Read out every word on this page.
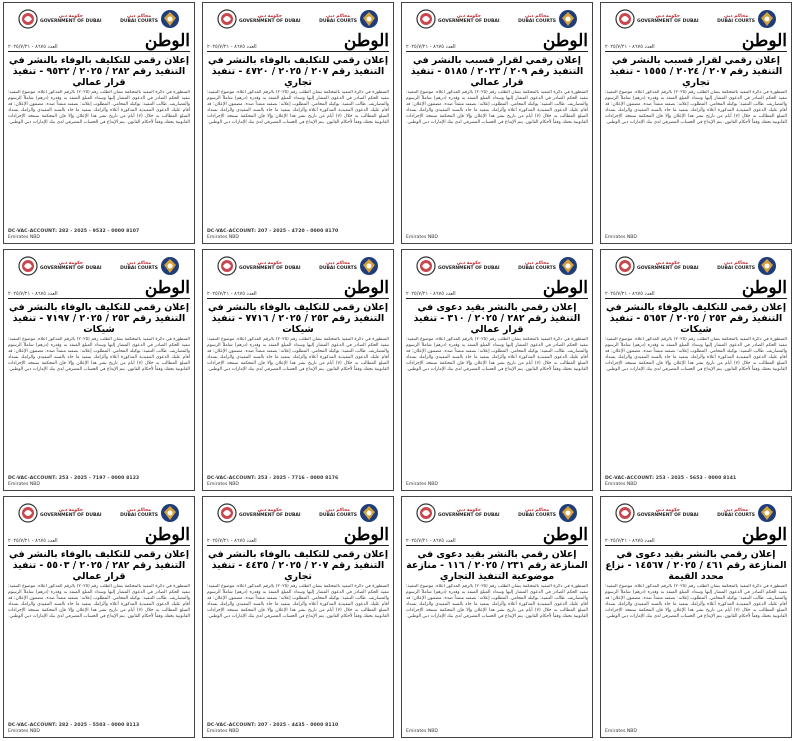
حكومة دبي
GOVERNMENT OF DUBAI
محاكم دبي
DUBAI COURTS
العدد ٨٦٧٥ - ٢٠٢٥/٧/٢١	الوطن
إعلان رقمي للتكليف بالوفاء بالنشر في التنفيذ رقم ٢٨٢ / ٢٠٢٥ / ٩٥٣٢ - تنفيذ قرار عمالي
المنظورة في دائرة التنفيذ بالمحكمة بشأن الطلب رقم (٢٠٢٥) بالرقم المذكور أعلاه. موضوع التنفيذ: تنفيذ الحكم الصادر في الدعوى المشار إليها وسداد المبلغ المنفذ به وقدره (درهم) شاملاً الرسوم والمصاريف. طالب التنفيذ: بوكيله المحامي. المطلوب إعلانه: بصفته منفذاً ضده. مضمون الإعلان: قد أقام عليك الدعوى التنفيذية المذكورة أعلاه وألزامك بتنفيذ ما جاء بالسند التنفيذي والزامك بسداد المبلغ المطالب به خلال (٧) أيام من تاريخ نشر هذا الإعلان وإلا فإن المحكمة ستتخذ الإجراءات القانونية بحقك وفقاً لأحكام القانون. يتم الإيداع في الحساب المصرفي لدى بنك الإمارات دبي الوطني.
DC-VAC-ACCOUNT: 282 - 2025 - 9532 - 0000 8107
Emirates NBD
حكومة دبي
GOVERNMENT OF DUBAI
محاكم دبي
DUBAI COURTS
العدد ٨٦٧٥ - ٢٠٢٥/٧/٢١	الوطن
إعلان رقمي للتكليف بالوفاء بالنشر في التنفيذ رقم ٢٠٧ / ٢٠٢٥ / ٤٧٢٠ - تنفيذ تجاري
المنظورة في دائرة التنفيذ بالمحكمة بشأن الطلب رقم (٢٠٢٥) بالرقم المذكور أعلاه. موضوع التنفيذ: تنفيذ الحكم الصادر في الدعوى المشار إليها وسداد المبلغ المنفذ به وقدره (درهم) شاملاً الرسوم والمصاريف. طالب التنفيذ: بوكيله المحامي. المطلوب إعلانه: بصفته منفذاً ضده. مضمون الإعلان: قد أقام عليك الدعوى التنفيذية المذكورة أعلاه وألزامك بتنفيذ ما جاء بالسند التنفيذي والزامك بسداد المبلغ المطالب به خلال (٧) أيام من تاريخ نشر هذا الإعلان وإلا فإن المحكمة ستتخذ الإجراءات القانونية بحقك وفقاً لأحكام القانون. يتم الإيداع في الحساب المصرفي لدى بنك الإمارات دبي الوطني.
DC-VAC-ACCOUNT: 207 - 2025 - 4720 - 0000 8170
Emirates NBD
حكومة دبي
GOVERNMENT OF DUBAI
محاكم دبي
DUBAI COURTS
العدد ٨٦٧٥ - ٢٠٢٥/٧/٢١	الوطن
إعلان رقمي لقرار قسبب بالنشر في التنفيذ رقم ٢٠٩ / ٢٠٢٣ / ٥١٨٥ - تنفيذ قرار عمالي
المنظورة في دائرة التنفيذ بالمحكمة بشأن الطلب رقم (٢٠٢٥) بالرقم المذكور أعلاه. موضوع التنفيذ: تنفيذ الحكم الصادر في الدعوى المشار إليها وسداد المبلغ المنفذ به وقدره (درهم) شاملاً الرسوم والمصاريف. طالب التنفيذ: بوكيله المحامي. المطلوب إعلانه: بصفته منفذاً ضده. مضمون الإعلان: قد أقام عليك الدعوى التنفيذية المذكورة أعلاه وألزامك بتنفيذ ما جاء بالسند التنفيذي والزامك بسداد المبلغ المطالب به خلال (٧) أيام من تاريخ نشر هذا الإعلان وإلا فإن المحكمة ستتخذ الإجراءات القانونية بحقك وفقاً لأحكام القانون. يتم الإيداع في الحساب المصرفي لدى بنك الإمارات دبي الوطني.
Emirates NBD
حكومة دبي
GOVERNMENT OF DUBAI
محاكم دبي
DUBAI COURTS
العدد ٨٦٧٥ - ٢٠٢٥/٧/٢١	الوطن
إعلان رقمي لقرار قسبب بالنشر في التنفيذ رقم ٢٠٧ / ٢٠٢٤ / ١٥٥٥ - تنفيذ تجاري
المنظورة في دائرة التنفيذ بالمحكمة بشأن الطلب رقم (٢٠٢٥) بالرقم المذكور أعلاه. موضوع التنفيذ: تنفيذ الحكم الصادر في الدعوى المشار إليها وسداد المبلغ المنفذ به وقدره (درهم) شاملاً الرسوم والمصاريف. طالب التنفيذ: بوكيله المحامي. المطلوب إعلانه: بصفته منفذاً ضده. مضمون الإعلان: قد أقام عليك الدعوى التنفيذية المذكورة أعلاه وألزامك بتنفيذ ما جاء بالسند التنفيذي والزامك بسداد المبلغ المطالب به خلال (٧) أيام من تاريخ نشر هذا الإعلان وإلا فإن المحكمة ستتخذ الإجراءات القانونية بحقك وفقاً لأحكام القانون. يتم الإيداع في الحساب المصرفي لدى بنك الإمارات دبي الوطني.
Emirates NBD
حكومة دبي
GOVERNMENT OF DUBAI
محاكم دبي
DUBAI COURTS
العدد ٨٦٧٥ - ٢٠٢٥/٧/٢١	الوطن
إعلان رقمي للتكليف بالوفاء بالنشر في التنفيذ رقم ٢٥٣ / ٢٠٢٥ / ٧١٩٧ - تنفيذ شيكات
المنظورة في دائرة التنفيذ بالمحكمة بشأن الطلب رقم (٢٠٢٥) بالرقم المذكور أعلاه. موضوع التنفيذ: تنفيذ الحكم الصادر في الدعوى المشار إليها وسداد المبلغ المنفذ به وقدره (درهم) شاملاً الرسوم والمصاريف. طالب التنفيذ: بوكيله المحامي. المطلوب إعلانه: بصفته منفذاً ضده. مضمون الإعلان: قد أقام عليك الدعوى التنفيذية المذكورة أعلاه وألزامك بتنفيذ ما جاء بالسند التنفيذي والزامك بسداد المبلغ المطالب به خلال (٧) أيام من تاريخ نشر هذا الإعلان وإلا فإن المحكمة ستتخذ الإجراءات القانونية بحقك وفقاً لأحكام القانون. يتم الإيداع في الحساب المصرفي لدى بنك الإمارات دبي الوطني.
DC-VAC-ACCOUNT: 253 - 2025 - 7197 - 0000 8122
Emirates NBD
حكومة دبي
GOVERNMENT OF DUBAI
محاكم دبي
DUBAI COURTS
العدد ٨٦٧٥ - ٢٠٢٥/٧/٢١	الوطن
إعلان رقمي للتكليف بالوفاء بالنشر في التنفيذ رقم ٢٥٣ / ٢٠٢٥ / ٧٧١٦ - تنفيذ شيكات
المنظورة في دائرة التنفيذ بالمحكمة بشأن الطلب رقم (٢٠٢٥) بالرقم المذكور أعلاه. موضوع التنفيذ: تنفيذ الحكم الصادر في الدعوى المشار إليها وسداد المبلغ المنفذ به وقدره (درهم) شاملاً الرسوم والمصاريف. طالب التنفيذ: بوكيله المحامي. المطلوب إعلانه: بصفته منفذاً ضده. مضمون الإعلان: قد أقام عليك الدعوى التنفيذية المذكورة أعلاه وألزامك بتنفيذ ما جاء بالسند التنفيذي والزامك بسداد المبلغ المطالب به خلال (٧) أيام من تاريخ نشر هذا الإعلان وإلا فإن المحكمة ستتخذ الإجراءات القانونية بحقك وفقاً لأحكام القانون. يتم الإيداع في الحساب المصرفي لدى بنك الإمارات دبي الوطني.
DC-VAC-ACCOUNT: 253 - 2025 - 7716 - 0000 8176
Emirates NBD
حكومة دبي
GOVERNMENT OF DUBAI
محاكم دبي
DUBAI COURTS
العدد ٨٦٧٥ - ٢٠٢٥/٧/٢١	الوطن
إعلان رقمي بالنشر بقيد دعوى في التنفيذ رقم ٢٨٢ / ٢٠٢٥ / ٣١٠ - تنفيذ قرار عمالي
المنظورة في دائرة التنفيذ بالمحكمة بشأن الطلب رقم (٢٠٢٥) بالرقم المذكور أعلاه. موضوع التنفيذ: تنفيذ الحكم الصادر في الدعوى المشار إليها وسداد المبلغ المنفذ به وقدره (درهم) شاملاً الرسوم والمصاريف. طالب التنفيذ: بوكيله المحامي. المطلوب إعلانه: بصفته منفذاً ضده. مضمون الإعلان: قد أقام عليك الدعوى التنفيذية المذكورة أعلاه وألزامك بتنفيذ ما جاء بالسند التنفيذي والزامك بسداد المبلغ المطالب به خلال (٧) أيام من تاريخ نشر هذا الإعلان وإلا فإن المحكمة ستتخذ الإجراءات القانونية بحقك وفقاً لأحكام القانون. يتم الإيداع في الحساب المصرفي لدى بنك الإمارات دبي الوطني.
Emirates NBD
حكومة دبي
GOVERNMENT OF DUBAI
محاكم دبي
DUBAI COURTS
العدد ٨٦٧٥ - ٢٠٢٥/٧/٢١	الوطن
إعلان رقمي للتكليف بالوفاء بالنشر في التنفيذ رقم ٢٥٣ / ٢٠٢٥ / ٥٦٥٣ - تنفيذ شيكات
المنظورة في دائرة التنفيذ بالمحكمة بشأن الطلب رقم (٢٠٢٥) بالرقم المذكور أعلاه. موضوع التنفيذ: تنفيذ الحكم الصادر في الدعوى المشار إليها وسداد المبلغ المنفذ به وقدره (درهم) شاملاً الرسوم والمصاريف. طالب التنفيذ: بوكيله المحامي. المطلوب إعلانه: بصفته منفذاً ضده. مضمون الإعلان: قد أقام عليك الدعوى التنفيذية المذكورة أعلاه وألزامك بتنفيذ ما جاء بالسند التنفيذي والزامك بسداد المبلغ المطالب به خلال (٧) أيام من تاريخ نشر هذا الإعلان وإلا فإن المحكمة ستتخذ الإجراءات القانونية بحقك وفقاً لأحكام القانون. يتم الإيداع في الحساب المصرفي لدى بنك الإمارات دبي الوطني.
DC-VAC-ACCOUNT: 253 - 2025 - 5653 - 0000 8141
Emirates NBD
حكومة دبي
GOVERNMENT OF DUBAI
محاكم دبي
DUBAI COURTS
العدد ٨٦٧٥ - ٢٠٢٥/٧/٢١	الوطن
إعلان رقمي للتكليف بالوفاء بالنشر في التنفيذ رقم ٢٨٢ / ٢٠٢٥ / ٥٥٠٣ - تنفيذ قرار عمالي
المنظورة في دائرة التنفيذ بالمحكمة بشأن الطلب رقم (٢٠٢٥) بالرقم المذكور أعلاه. موضوع التنفيذ: تنفيذ الحكم الصادر في الدعوى المشار إليها وسداد المبلغ المنفذ به وقدره (درهم) شاملاً الرسوم والمصاريف. طالب التنفيذ: بوكيله المحامي. المطلوب إعلانه: بصفته منفذاً ضده. مضمون الإعلان: قد أقام عليك الدعوى التنفيذية المذكورة أعلاه وألزامك بتنفيذ ما جاء بالسند التنفيذي والزامك بسداد المبلغ المطالب به خلال (٧) أيام من تاريخ نشر هذا الإعلان وإلا فإن المحكمة ستتخذ الإجراءات القانونية بحقك وفقاً لأحكام القانون. يتم الإيداع في الحساب المصرفي لدى بنك الإمارات دبي الوطني.
DC-VAC-ACCOUNT: 282 - 2025 - 5503 - 0000 8113
Emirates NBD
حكومة دبي
GOVERNMENT OF DUBAI
محاكم دبي
DUBAI COURTS
العدد ٨٦٧٥ - ٢٠٢٥/٧/٢١	الوطن
إعلان رقمي للتكليف بالوفاء بالنشر في التنفيذ رقم ٢٠٧ / ٢٠٢٥ / ٤٤٣٥ - تنفيذ تجاري
المنظورة في دائرة التنفيذ بالمحكمة بشأن الطلب رقم (٢٠٢٥) بالرقم المذكور أعلاه. موضوع التنفيذ: تنفيذ الحكم الصادر في الدعوى المشار إليها وسداد المبلغ المنفذ به وقدره (درهم) شاملاً الرسوم والمصاريف. طالب التنفيذ: بوكيله المحامي. المطلوب إعلانه: بصفته منفذاً ضده. مضمون الإعلان: قد أقام عليك الدعوى التنفيذية المذكورة أعلاه وألزامك بتنفيذ ما جاء بالسند التنفيذي والزامك بسداد المبلغ المطالب به خلال (٧) أيام من تاريخ نشر هذا الإعلان وإلا فإن المحكمة ستتخذ الإجراءات القانونية بحقك وفقاً لأحكام القانون. يتم الإيداع في الحساب المصرفي لدى بنك الإمارات دبي الوطني.
DC-VAC-ACCOUNT: 207 - 2025 - 4435 - 0000 8110
Emirates NBD
حكومة دبي
GOVERNMENT OF DUBAI
محاكم دبي
DUBAI COURTS
العدد ٨٦٧٥ - ٢٠٢٥/٧/٢١	الوطن
إعلان رقمي بالنشر بقيد دعوى في المنازعة رقم ٢٣١ / ٢٠٢٥ / ١١٦ - منازعة موضوعية التنفيذ التجاري
المنظورة في دائرة التنفيذ بالمحكمة بشأن الطلب رقم (٢٠٢٥) بالرقم المذكور أعلاه. موضوع التنفيذ: تنفيذ الحكم الصادر في الدعوى المشار إليها وسداد المبلغ المنفذ به وقدره (درهم) شاملاً الرسوم والمصاريف. طالب التنفيذ: بوكيله المحامي. المطلوب إعلانه: بصفته منفذاً ضده. مضمون الإعلان: قد أقام عليك الدعوى التنفيذية المذكورة أعلاه وألزامك بتنفيذ ما جاء بالسند التنفيذي والزامك بسداد المبلغ المطالب به خلال (٧) أيام من تاريخ نشر هذا الإعلان وإلا فإن المحكمة ستتخذ الإجراءات القانونية بحقك وفقاً لأحكام القانون. يتم الإيداع في الحساب المصرفي لدى بنك الإمارات دبي الوطني.
Emirates NBD
حكومة دبي
GOVERNMENT OF DUBAI
محاكم دبي
DUBAI COURTS
العدد ٨٦٧٥ - ٢٠٢٥/٧/٢١	الوطن
إعلان رقمي بالنشر بقيد دعوى في المنازعة رقم ٤٦١ / ٢٠٢٥ / ١٤٥٦٧ - نزاع محدد القيمة
المنظورة في دائرة التنفيذ بالمحكمة بشأن الطلب رقم (٢٠٢٥) بالرقم المذكور أعلاه. موضوع التنفيذ: تنفيذ الحكم الصادر في الدعوى المشار إليها وسداد المبلغ المنفذ به وقدره (درهم) شاملاً الرسوم والمصاريف. طالب التنفيذ: بوكيله المحامي. المطلوب إعلانه: بصفته منفذاً ضده. مضمون الإعلان: قد أقام عليك الدعوى التنفيذية المذكورة أعلاه وألزامك بتنفيذ ما جاء بالسند التنفيذي والزامك بسداد المبلغ المطالب به خلال (٧) أيام من تاريخ نشر هذا الإعلان وإلا فإن المحكمة ستتخذ الإجراءات القانونية بحقك وفقاً لأحكام القانون. يتم الإيداع في الحساب المصرفي لدى بنك الإمارات دبي الوطني.
Emirates NBD
